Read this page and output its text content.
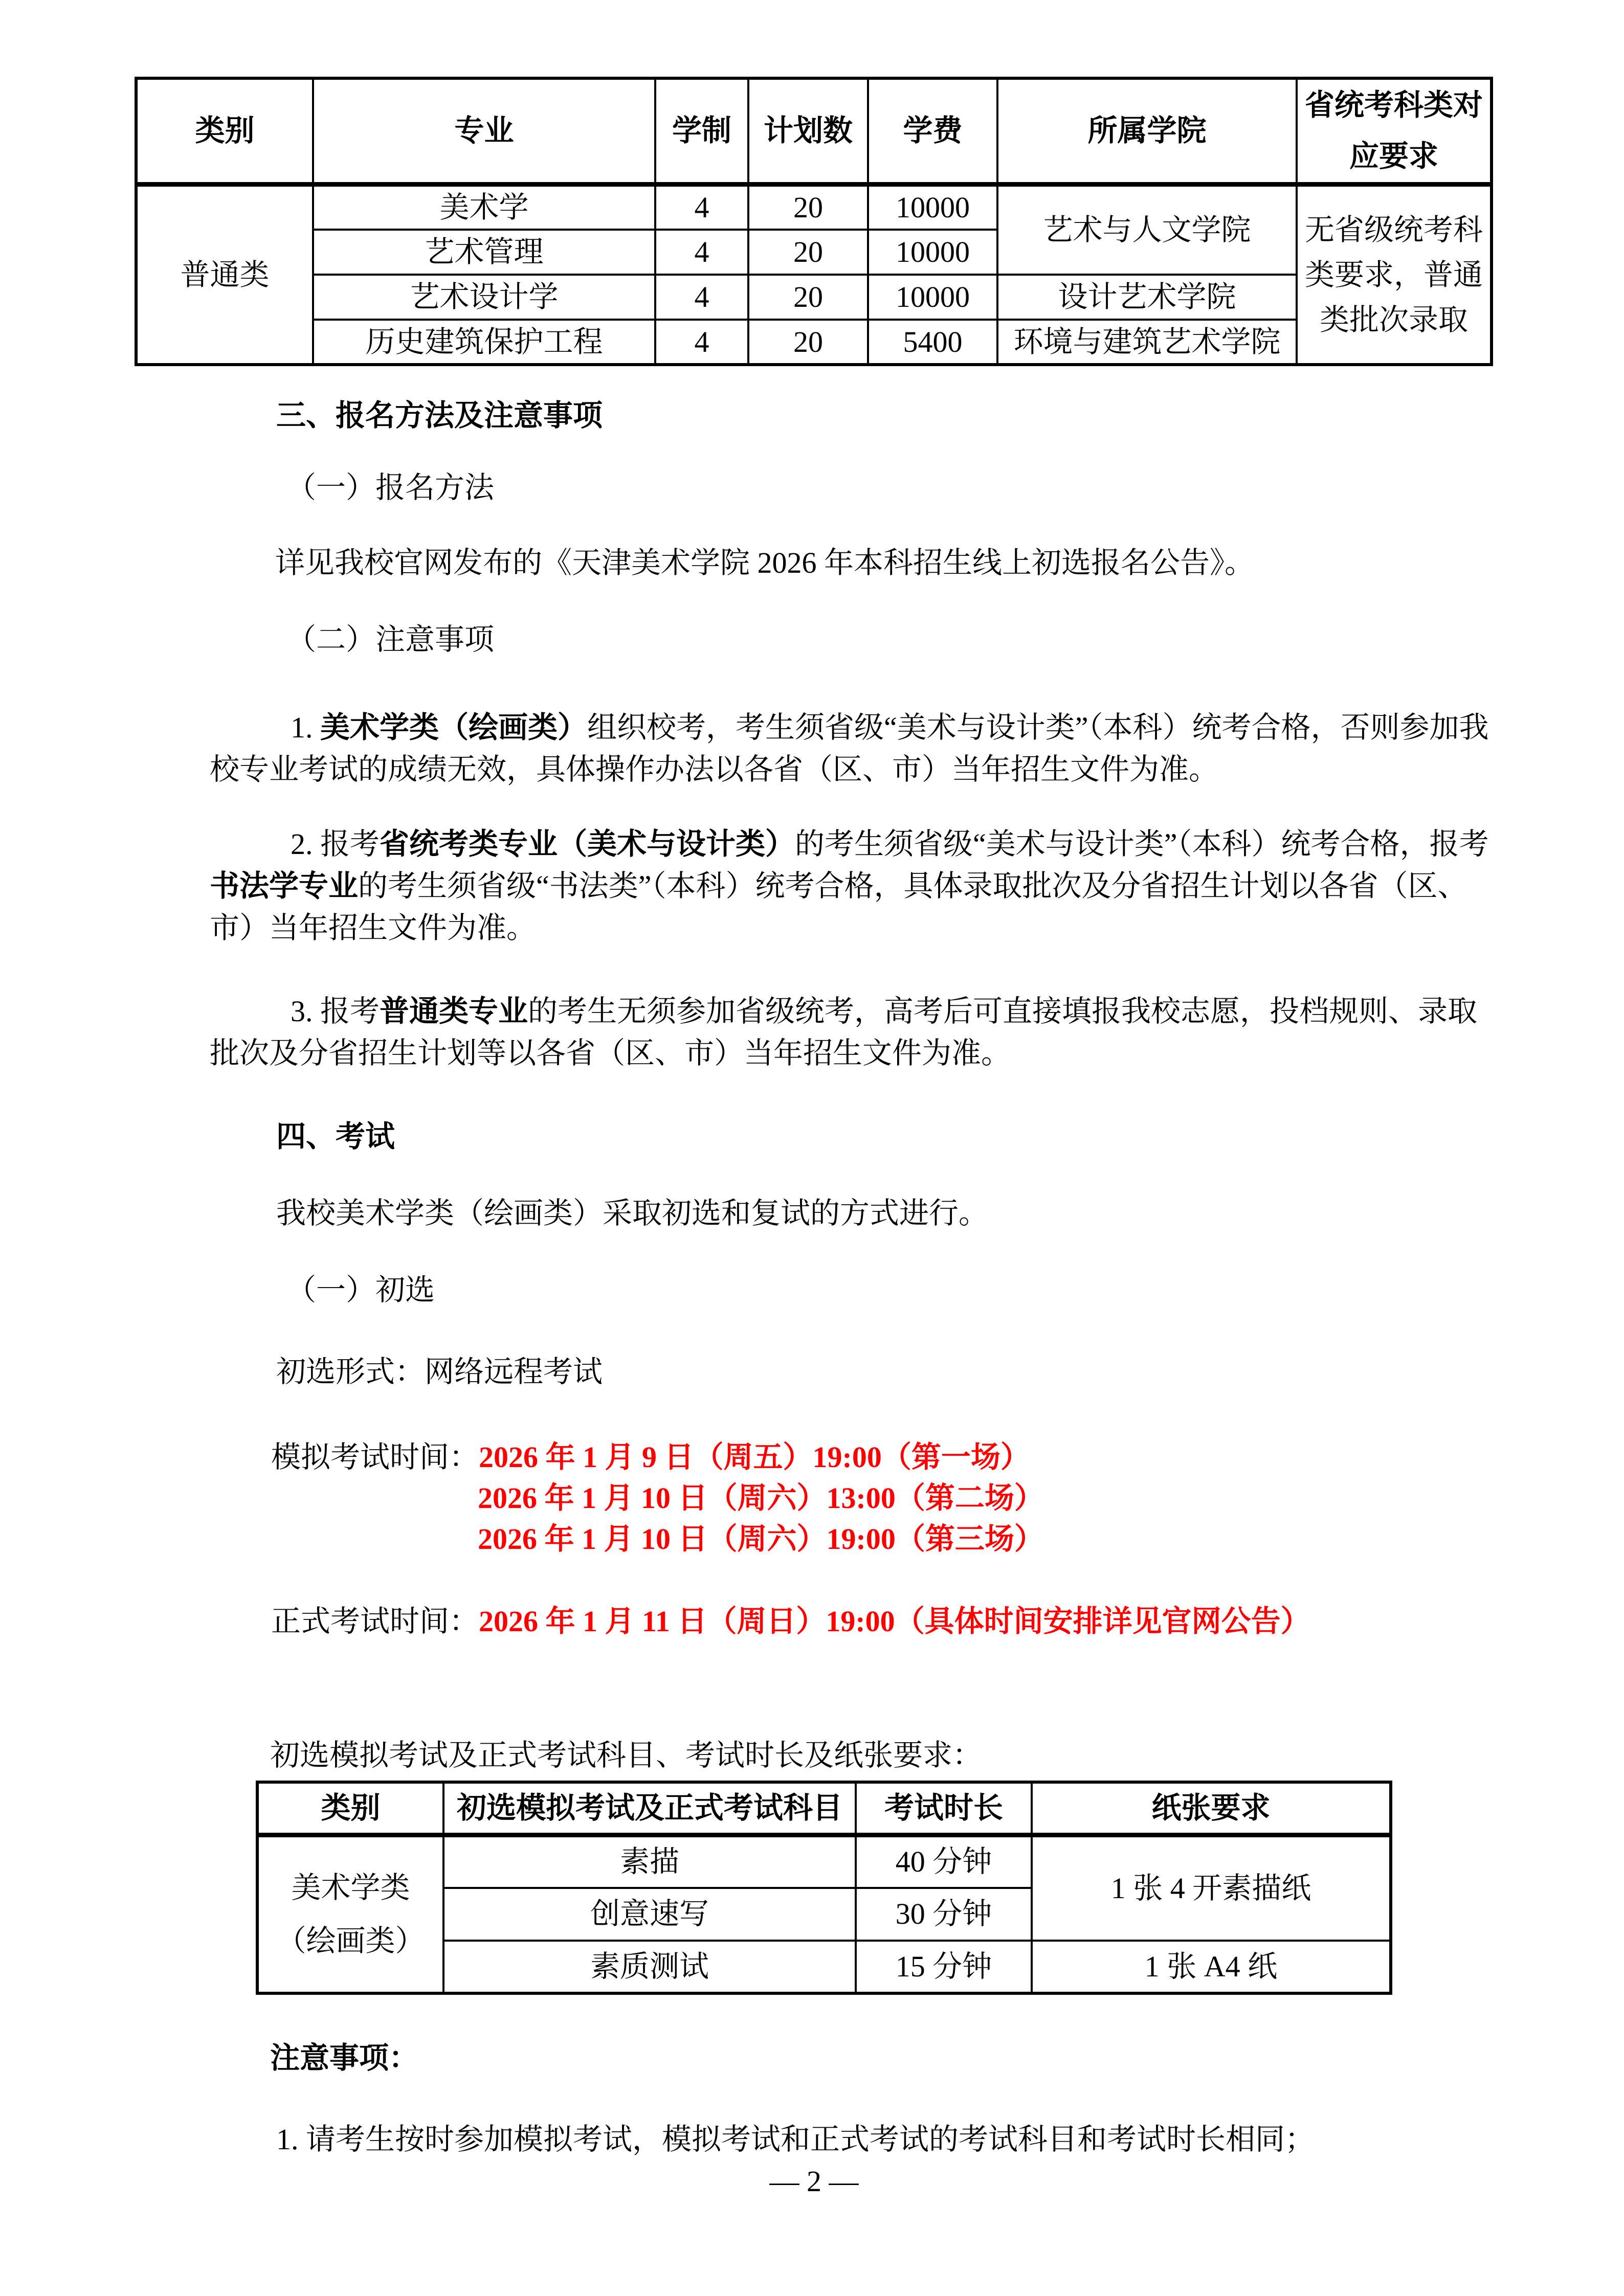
类别	专业	学制	计划数	学费	所属学院	省统考科类对应要求
普通类	美术学	4	20	10000	艺术与人文学院	无省级统考科类要求，普通类批次录取
	艺术管理	4	20	10000		
	艺术设计学	4	20	10000	设计艺术学院	
	历史建筑保护工程	4	20	5400	环境与建筑艺术学院	

三、报名方法及注意事项

（一）报名方法

详见我校官网发布的《天津美术学院 2026 年本科招生线上初选报名公告》。

（二）注意事项

1. 美术学类（绘画类）组织校考，考生须省级“美术与设计类”（本科）统考合格，否则参加我校专业考试的成绩无效，具体操作办法以各省（区、市）当年招生文件为准。

2. 报考省统考类专业（美术与设计类）的考生须省级“美术与设计类”（本科）统考合格，报考书法学专业的考生须省级“书法类”（本科）统考合格，具体录取批次及分省招生计划以各省（区、市）当年招生文件为准。

3. 报考普通类专业的考生无须参加省级统考，高考后可直接填报我校志愿，投档规则、录取批次及分省招生计划等以各省（区、市）当年招生文件为准。

四、考试

我校美术学类（绘画类）采取初选和复试的方式进行。

（一）初选

初选形式：网络远程考试

模拟考试时间：2026 年 1 月 9 日（周五）19:00（第一场）

2026 年 1 月 10 日（周六）13:00（第二场）

2026 年 1 月 10 日（周六）19:00（第三场）

正式考试时间：2026 年 1 月 11 日（周日）19:00（具体时间安排详见官网公告）

初选模拟考试及正式考试科目、考试时长及纸张要求：

类别	初选模拟考试及正式考试科目	考试时长	纸张要求

美术学类
（绘画类）	素描	40 分钟	1 张 4 开素描纸
	创意速写	30 分钟	
	素质测试	15 分钟	1 张 A4 纸

注意事项：

1. 请考生按时参加模拟考试，模拟考试和正式考试的考试科目和考试时长相同；

— 2 —
